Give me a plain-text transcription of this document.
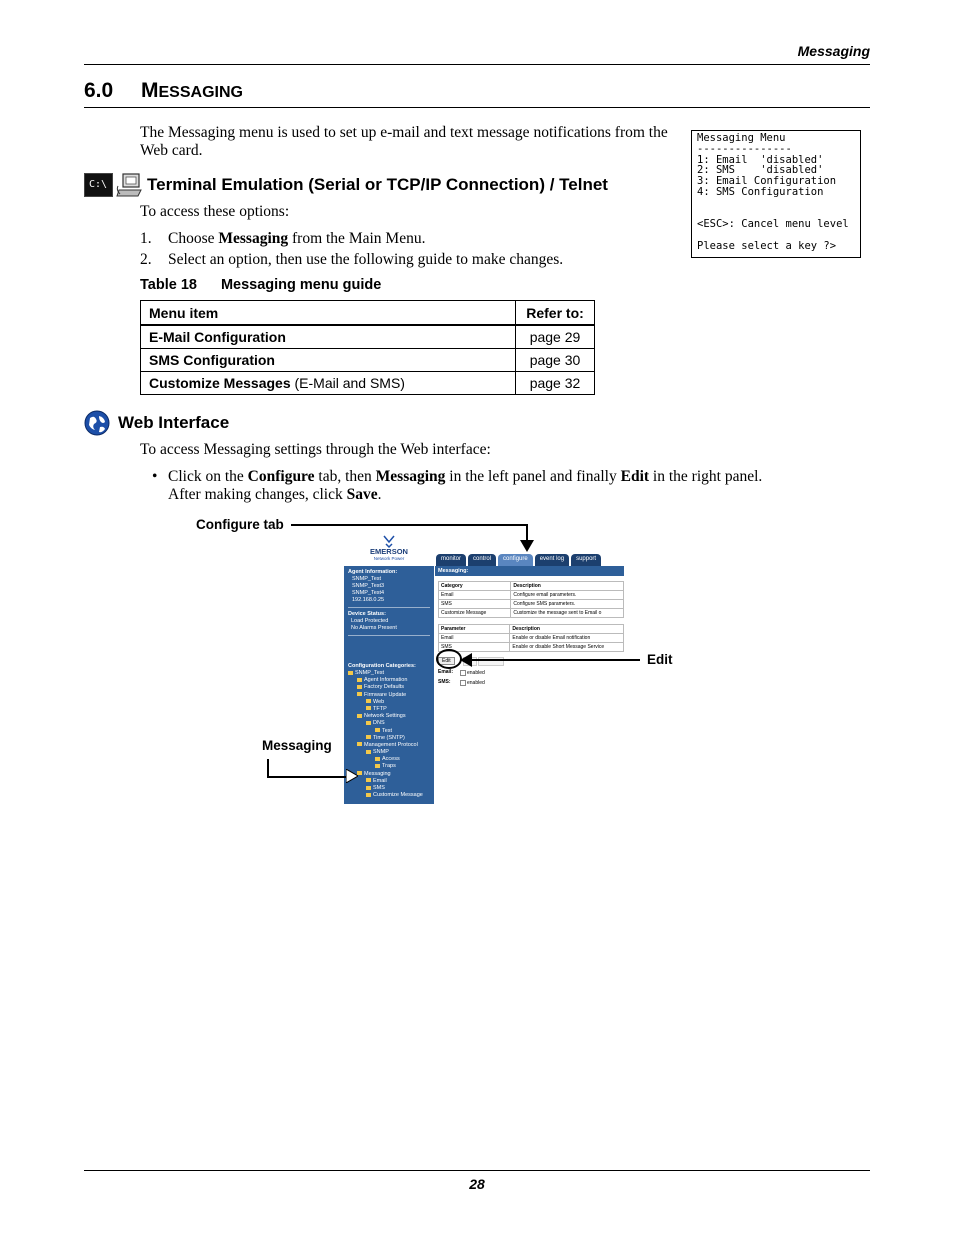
Messaging
6.0 MESSAGING
The Messaging menu is used to set up e-mail and text message notifications from the Web card.
Messaging Menu
---------------
1: Email  'disabled'
2: SMS    'disabled'
3: Email Configuration
4: SMS Configuration
<ESC>: Cancel menu level
Please select a key ?>
C:\ Terminal Emulation (Serial or TCP/IP Connection) / Telnet
To access these options:
1. Choose Messaging from the Main Menu.
2. Select an option, then use the following guide to make changes.
Table 18 Messaging menu guide
Menu item	Refer to:
E-Mail Configuration	page 29
SMS Configuration	page 30
Customize Messages (E-Mail and SMS)	page 32
Web Interface
To access Messaging settings through the Web interface:
• Click on the Configure tab, then Messaging in the left panel and finally Edit in the right panel.
After making changes, click Save.
EMERSON
Network Power	monitor	control	configure	event log	support
Agent Information:
SNMP_Test
SNMP_Test3
SNMP_Test4
192.168.0.25
Device Status:
Load Protected
No Alarms Present
Configuration Categories:
SNMP_Test
Agent Information
Factory Defaults
Firmware Update
Web
TFTP
Network Settings
DNS
Test
Time (SNTP)
Management Protocol
SNMP
Access
Traps
Messaging
Email
SMS
Customize Message
Messaging:
Category	Description
Email	Configure email parameters.
SMS	Configure SMS parameters.
Customize Message	Customize the message sent to Email o
Parameter	Description
Email	Enable or disable Email notification
SMS	Enable or disable Short Message Service
Edit
Email:	enabled
SMS:	enabled
Configure tab
Edit
Messaging
28
